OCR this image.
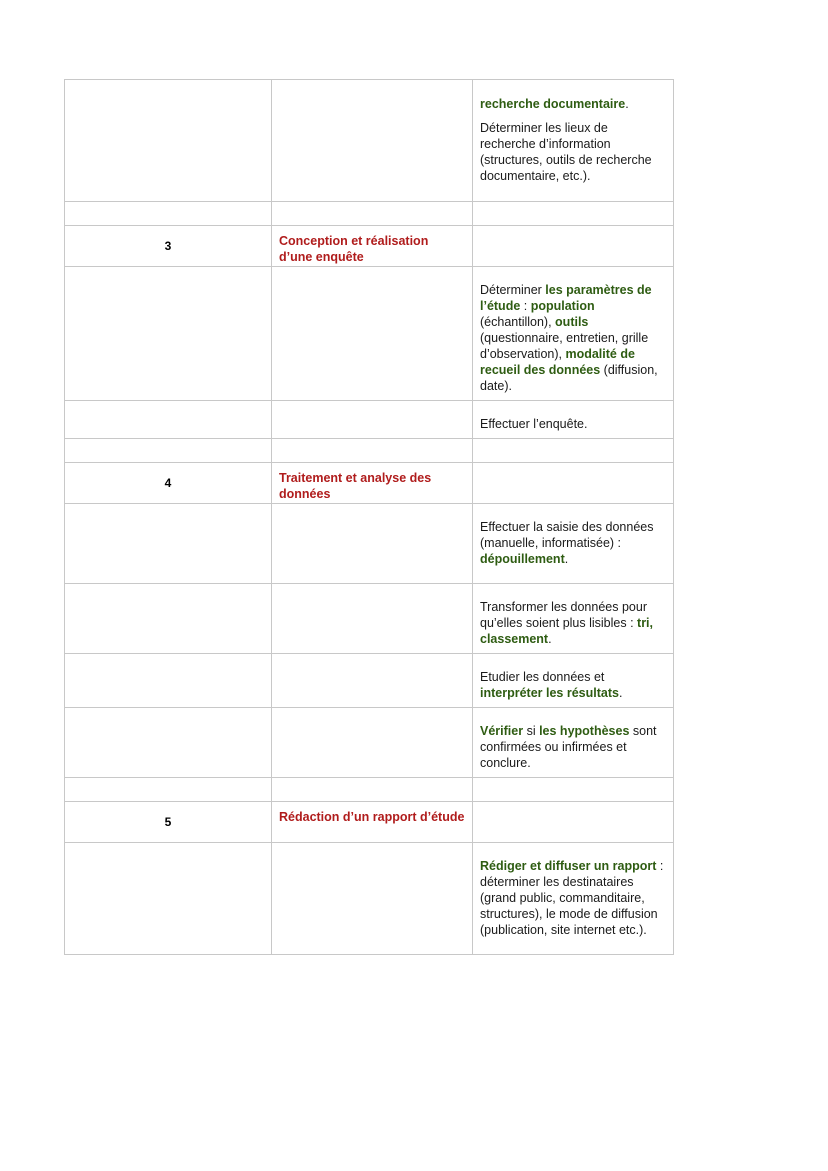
		recherche documentaire.

Déterminer les lieux de recherche d’information (structures, outils de recherche documentaire, etc.).

3	Conception et réalisation d’une enquête	

		Déterminer les paramètres de l’étude : population (échantillon), outils (questionnaire, entretien, grille d’observation), modalité de recueil des données (diffusion, date).

		Effectuer l’enquête.

4	Traitement et analyse des données	

		Effectuer la saisie des données (manuelle, informatisée) : dépouillement.

		Transformer les données pour qu’elles soient plus lisibles : tri, classement.

		Etudier les données et interpréter les résultats.

		Vérifier si les hypothèses sont confirmées ou infirmées et conclure.

5	Rédaction d’un rapport d’étude	

		Rédiger et diffuser un rapport : déterminer les destinataires (grand public, commanditaire, structures), le mode de diffusion (publication, site internet etc.).
